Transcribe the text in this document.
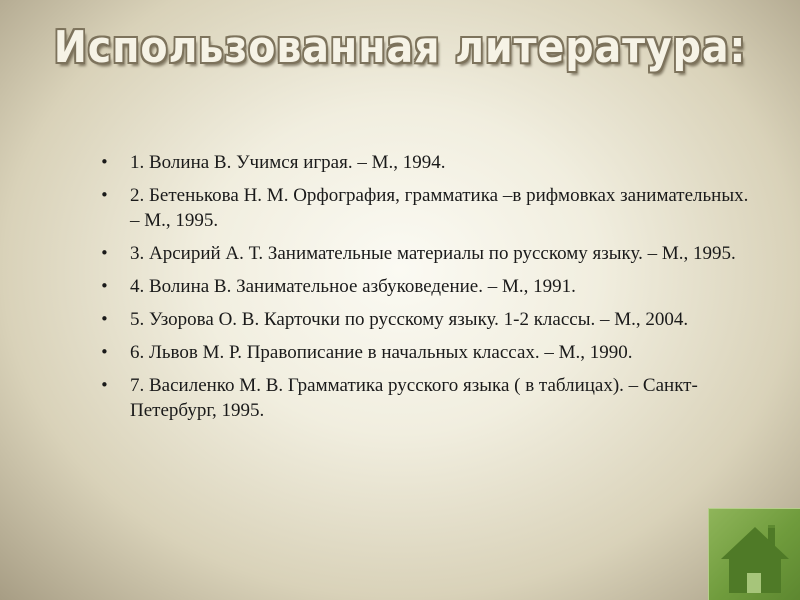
Использованная литература:
• 1. Волина В. Учимся играя. – М., 1994.
• 2. Бетенькова Н. М. Орфография, грамматика –в рифмовках занимательных. – М., 1995.
• 3. Арсирий А. Т. Занимательные материалы по русскому языку. – М., 1995.
• 4. Волина В. Занимательное азбуковедение. – М., 1991.
• 5. Узорова О. В. Карточки по русскому языку. 1-2 классы. – М., 2004.
• 6. Львов М. Р. Правописание в начальных классах. – М., 1990.
• 7. Василенко М. В. Грамматика русского языка ( в таблицах). – Санкт-Петербург, 1995.
